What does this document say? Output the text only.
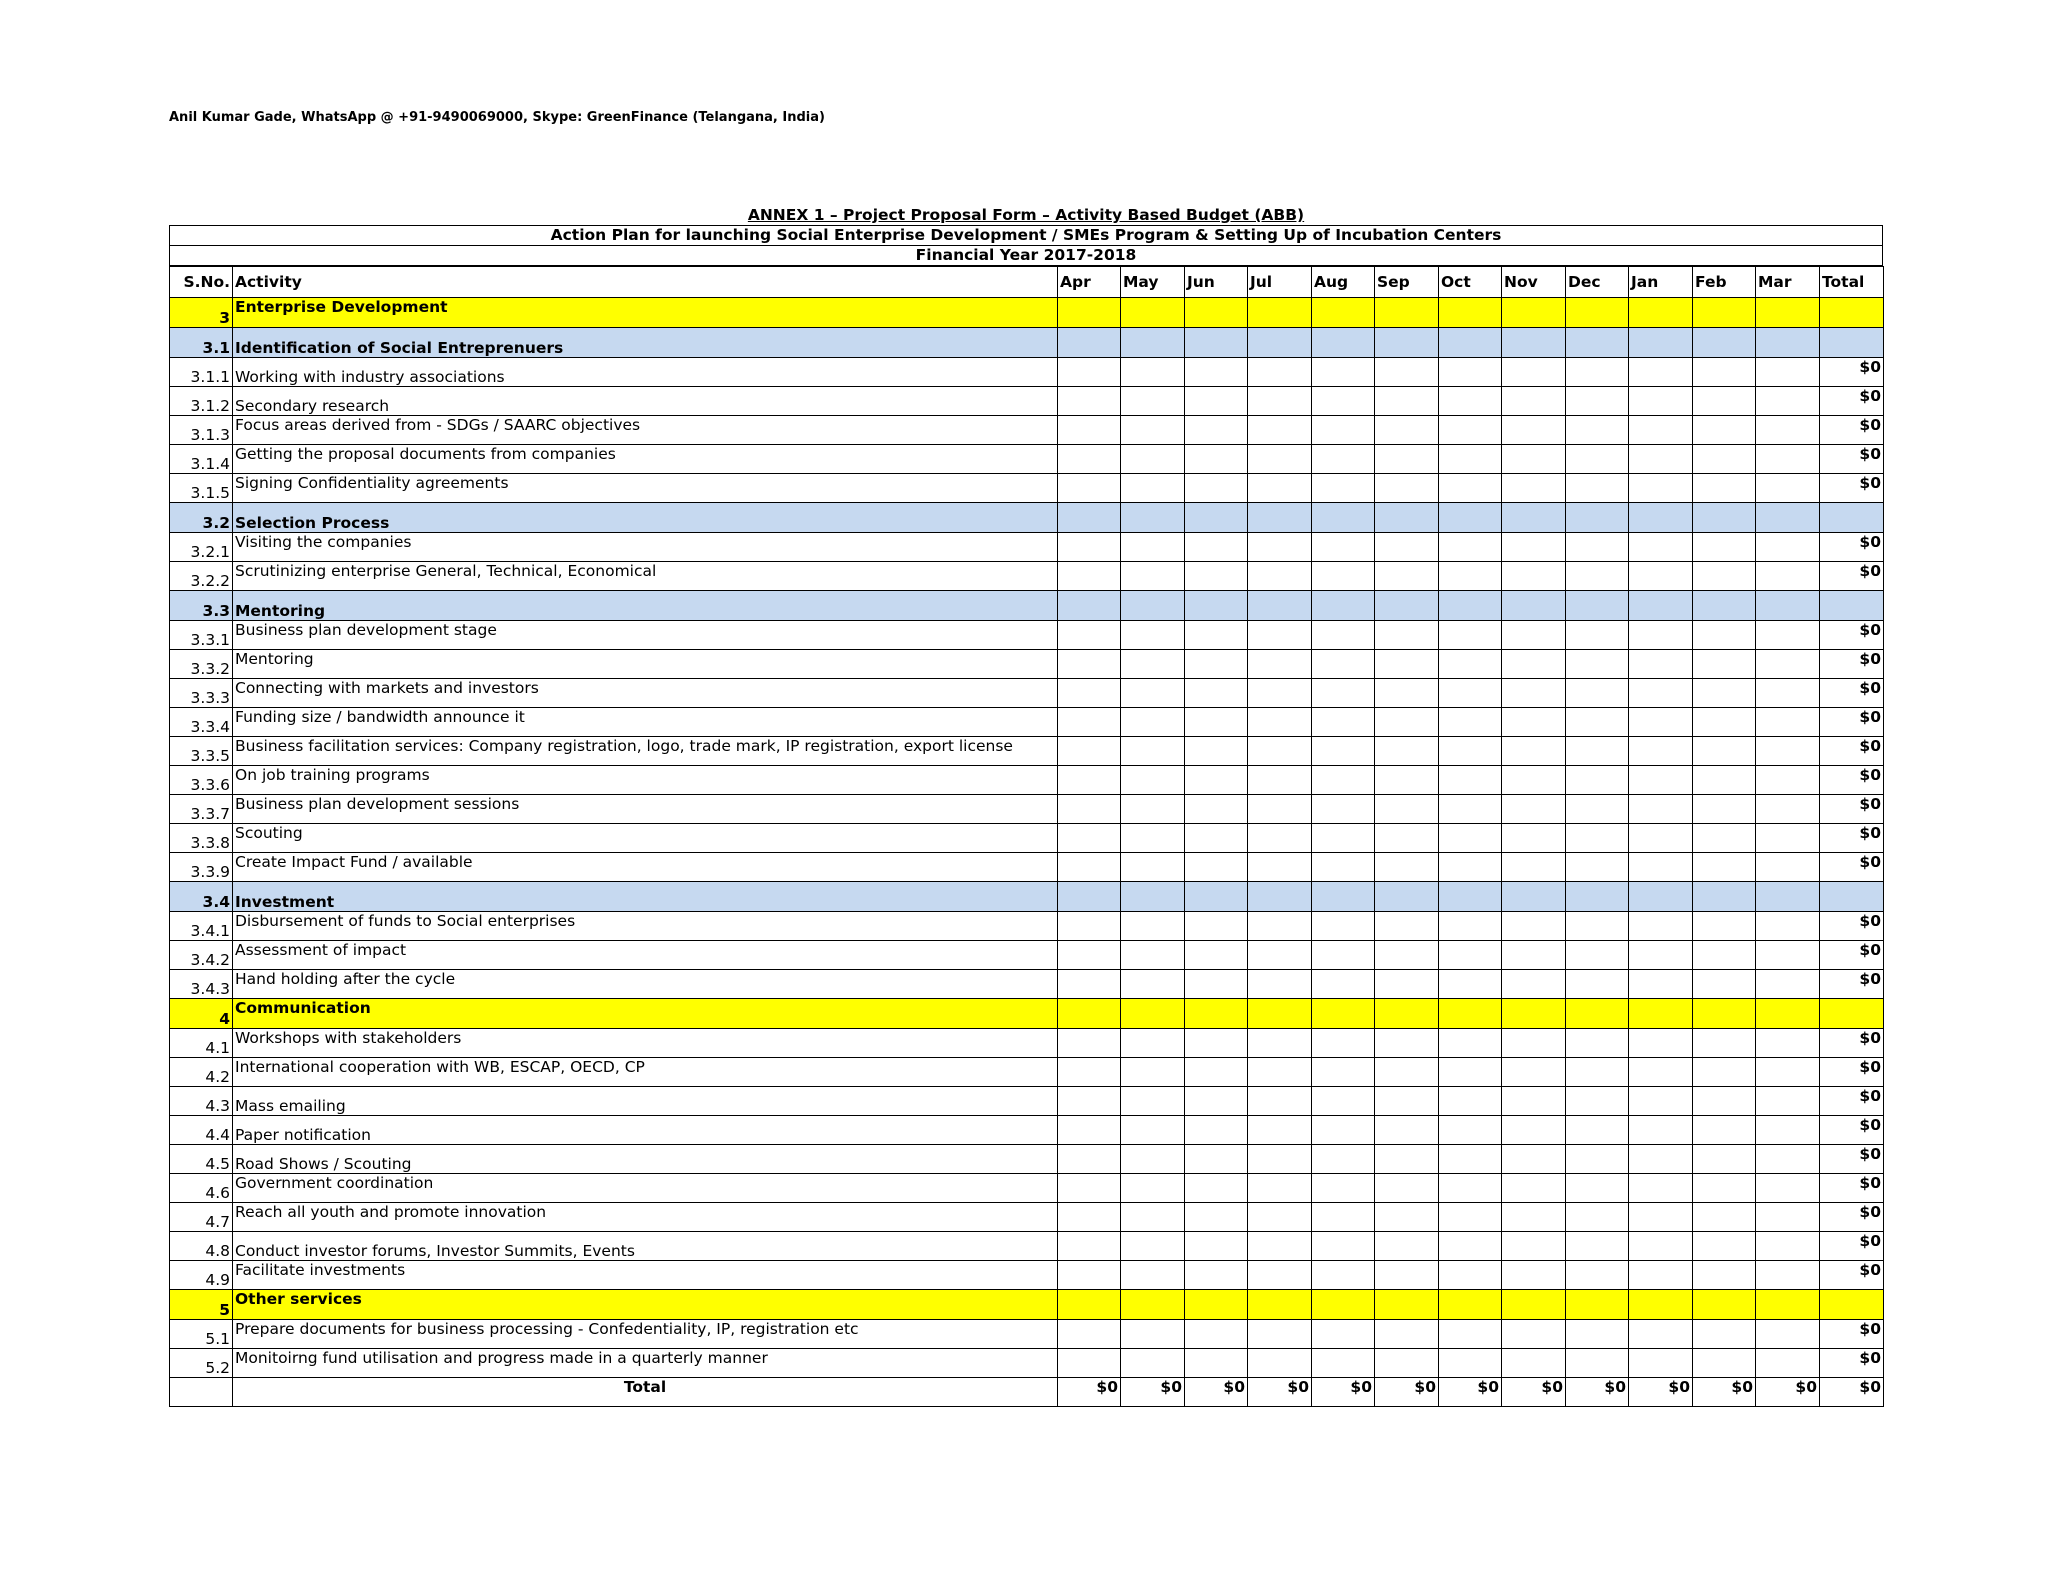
Anil Kumar Gade, WhatsApp @ +91-9490069000, Skype: GreenFinance (Telangana, India)
ANNEX 1 – Project Proposal Form – Activity Based Budget (ABB)
Action Plan for launching Social Enterprise Development / SMEs Program & Setting Up of Incubation Centers
Financial Year 2017-2018
S.No.	Activity	Apr	May	Jun	Jul	Aug	Sep	Oct	Nov	Dec	Jan	Feb	Mar	Total
3	Enterprise Development													
3.1	Identification of Social Entreprenuers													
3.1.1	Working with industry associations													$0
3.1.2	Secondary research													$0
3.1.3	Focus areas derived from - SDGs / SAARC objectives													$0
3.1.4	Getting the proposal documents from companies													$0
3.1.5	Signing Confidentiality agreements													$0
3.2	Selection Process													
3.2.1	Visiting the companies													$0
3.2.2	Scrutinizing enterprise General, Technical, Economical													$0
3.3	Mentoring													
3.3.1	Business plan development stage													$0
3.3.2	Mentoring													$0
3.3.3	Connecting with markets and investors													$0
3.3.4	Funding size / bandwidth announce it													$0
3.3.5	Business facilitation services: Company registration, logo, trade mark, IP registration, export license													$0
3.3.6	On job training programs													$0
3.3.7	Business plan development sessions													$0
3.3.8	Scouting													$0
3.3.9	Create Impact Fund / available													$0
3.4	Investment													
3.4.1	Disbursement of funds to Social enterprises													$0
3.4.2	Assessment of impact													$0
3.4.3	Hand holding after the cycle													$0
4	Communication													
4.1	Workshops with stakeholders													$0
4.2	International cooperation with WB, ESCAP, OECD, CP													$0
4.3	Mass emailing													$0
4.4	Paper notification													$0
4.5	Road Shows / Scouting													$0
4.6	Government coordination													$0
4.7	Reach all youth and promote innovation													$0
4.8	Conduct investor forums, Investor Summits, Events													$0
4.9	Facilitate investments													$0
5	Other services													
5.1	Prepare documents for business processing - Confedentiality, IP, registration etc													$0
5.2	Monitoirng fund utilisation and progress made in a quarterly manner													$0
	Total	$0	$0	$0	$0	$0	$0	$0	$0	$0	$0	$0	$0	$0
